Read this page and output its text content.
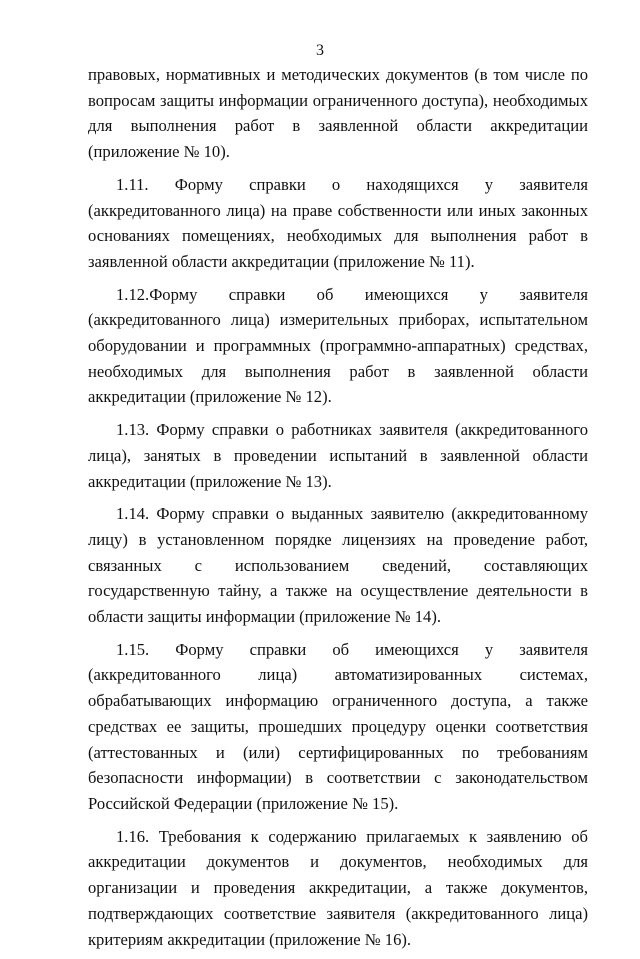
3

правовых, нормативных и методических документов (в том числе по вопросам защиты информации ограниченного доступа), необходимых для выполнения работ в заявленной области аккредитации (приложение № 10).

1.11. Форму справки о находящихся у заявителя (аккредитованного лица) на праве собственности или иных законных основаниях помещениях, необходимых для выполнения работ в заявленной области аккредитации (приложение № 11).

1.12.Форму справки об имеющихся у заявителя (аккредитованного лица) измерительных приборах, испытательном оборудовании и программных (программно-аппаратных) средствах, необходимых для выполнения работ в заявленной области аккредитации (приложение № 12).

1.13. Форму справки о работниках заявителя (аккредитованного лица), занятых в проведении испытаний в заявленной области аккредитации (приложение № 13).

1.14. Форму справки о выданных заявителю (аккредитованному лицу) в установленном порядке лицензиях на проведение работ, связанных с использованием сведений, составляющих государственную тайну, а также на осуществление деятельности в области защиты информации (приложение № 14).

1.15. Форму справки об имеющихся у заявителя (аккредитованного лица) автоматизированных системах, обрабатывающих информацию ограниченного доступа, а также средствах ее защиты, прошедших процедуру оценки соответствия (аттестованных и (или) сертифицированных по требованиям безопасности информации) в соответствии с законодательством Российской Федерации (приложение № 15).

1.16. Требования к содержанию прилагаемых к заявлению об аккредитации документов и документов, необходимых для организации и проведения аккредитации, а также документов, подтверждающих соответствие заявителя (аккредитованного лица) критериям аккредитации (приложение № 16).
